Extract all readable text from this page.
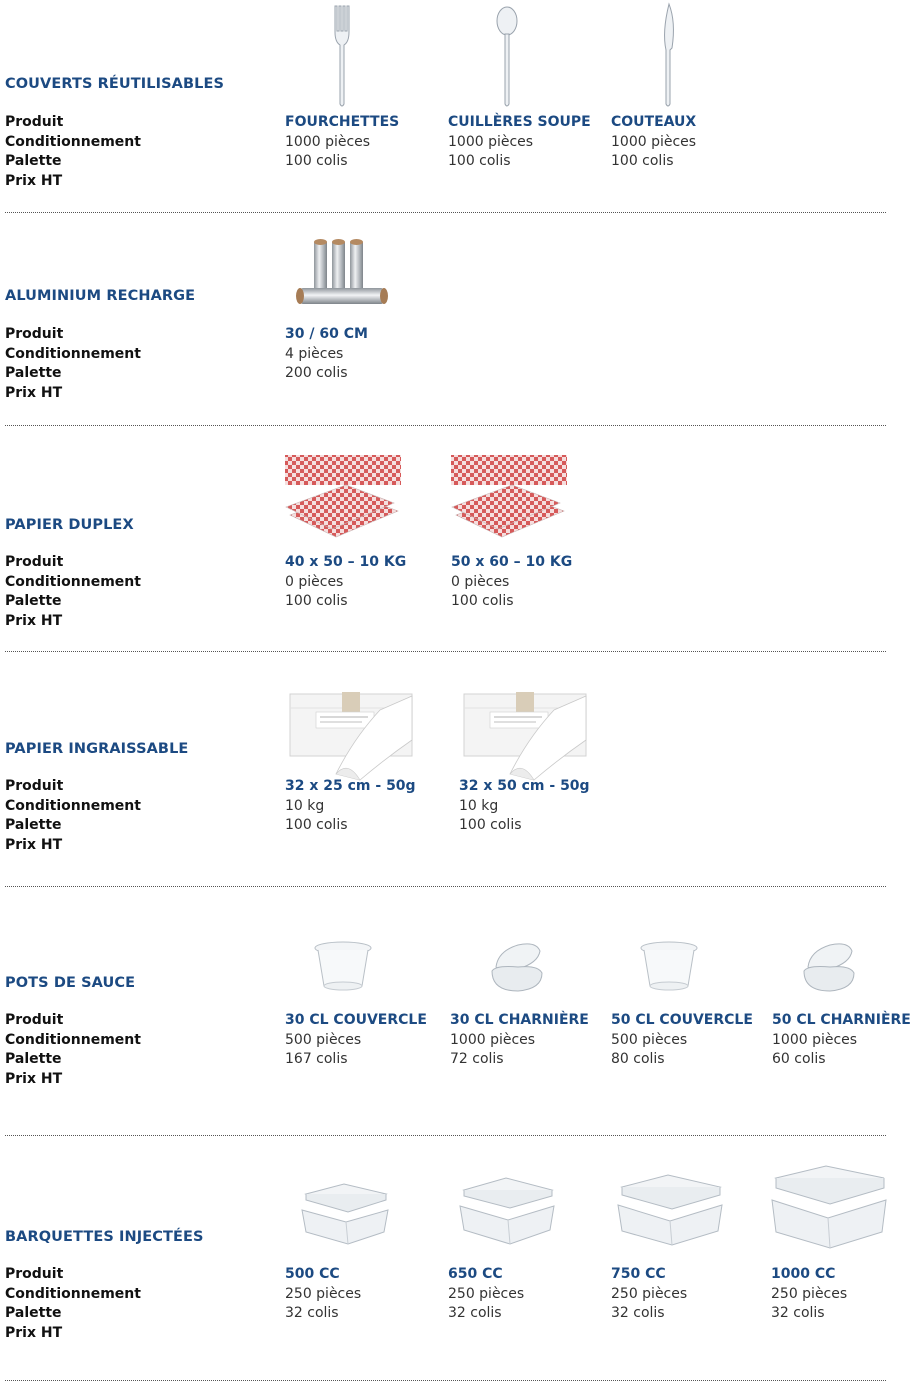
COUVERTS RÉUTILISABLES
Produit
Conditionnement
Palette
Prix HT
FOURCHETTES
1000 pièces
100 colis
CUILLÈRES SOUPE
1000 pièces
100 colis
COUTEAUX
1000 pièces
100 colis
ALUMINIUM RECHARGE
Produit
Conditionnement
Palette
Prix HT
30 / 60 CM
4 pièces
200 colis
PAPIER DUPLEX
Produit
Conditionnement
Palette
Prix HT
40 x 50 – 10 KG
0 pièces
100 colis
50 x 60 – 10 KG
0 pièces
100 colis
PAPIER INGRAISSABLE
Produit
Conditionnement
Palette
Prix HT
32 x 25 cm - 50g
10 kg
100 colis
32 x 50 cm - 50g
10 kg
100 colis
POTS DE SAUCE
Produit
Conditionnement
Palette
Prix HT
30 CL COUVERCLE
500 pièces
167 colis
30 CL CHARNIÈRE
1000 pièces
72 colis
50 CL COUVERCLE
500 pièces
80 colis
50 CL CHARNIÈRE
1000 pièces
60 colis
BARQUETTES INJECTÉES
Produit
Conditionnement
Palette
Prix HT
500 CC
250 pièces
32 colis
650 CC
250 pièces
32 colis
750 CC
250 pièces
32 colis
1000 CC
250 pièces
32 colis
